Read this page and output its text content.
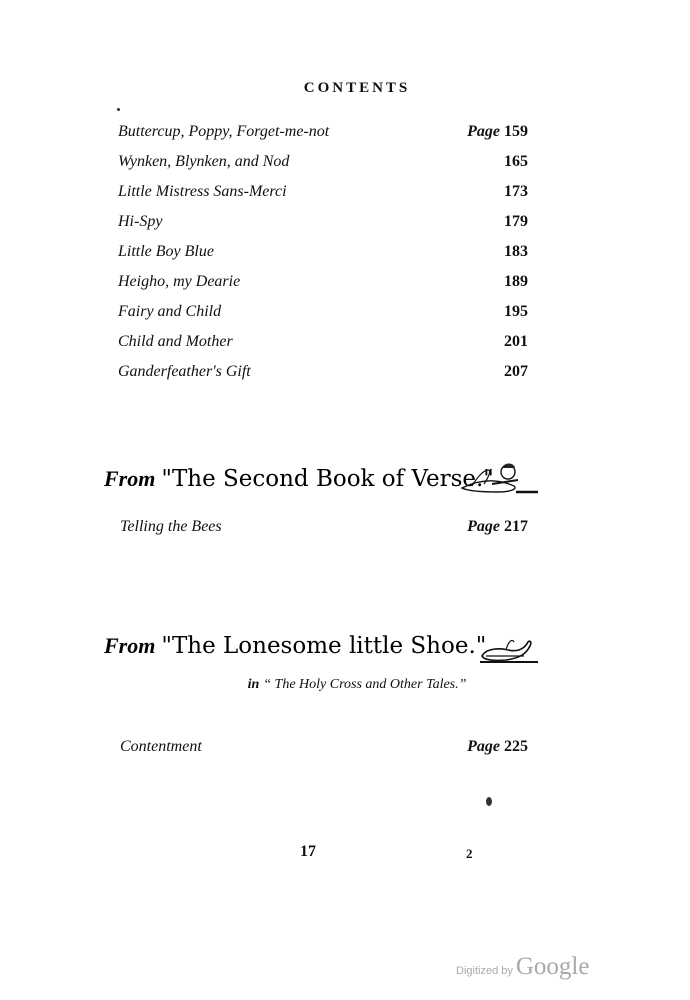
CONTENTS
Buttercup, Poppy, Forget-me-not	Page 159
Wynken, Blynken, and Nod	165
Little Mistress Sans-Merci	173
Hi-Spy	179
Little Boy Blue	183
Heigho, my Dearie	189
Fairy and Child	195
Child and Mother	201
Ganderfeather's Gift	207
From "The Second Book of Verse."
Telling the Bees	Page 217
From "The Lonesome little Shoe."
in “ The Holy Cross and Other Tales.”
Contentment	Page 225
17	2
Digitized by Google
